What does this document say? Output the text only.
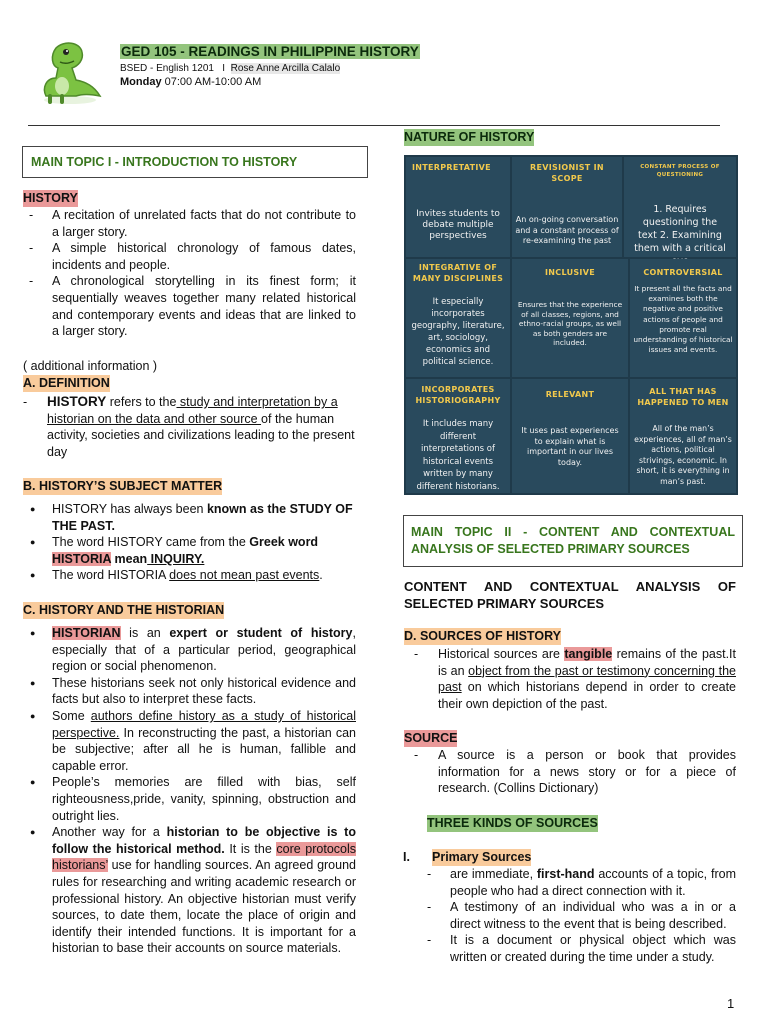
GED 105 - READINGS IN PHILIPPINE HISTORY
BSED - English 1201 I Rose Anne Arcilla Calalo
Monday 07:00 AM-10:00 AM
MAIN TOPIC I - INTRODUCTION TO HISTORY
HISTORY
- A recitation of unrelated facts that do not contribute to a larger story.
- A simple historical chronology of famous dates, incidents and people.
- A chronological storytelling in its finest form; it sequentially weaves together many related historical and contemporary events and ideas that are linked to a larger story.
( additional information )
A. DEFINITION
- HISTORY refers to the study and interpretation by a historian on the data and other source of the human activity, societies and civilizations leading to the present day
B. HISTORY’S SUBJECT MATTER
● HISTORY has always been known as the STUDY OF THE PAST.
● The word HISTORY came from the Greek word HISTORIA mean INQUIRY.
● The word HISTORIA does not mean past events.
C. HISTORY AND THE HISTORIAN
● HISTORIAN is an expert or student of history, especially that of a particular period, geographical region or social phenomenon.
● These historians seek not only historical evidence and facts but also to interpret these facts.
● Some authors define history as a study of historical perspective. In reconstructing the past, a historian can be subjective; after all he is human, fallible and capable error.
● People’s memories are filled with bias, self righteousness,pride, vanity, spinning, obstruction and outright lies.
● Another way for a historian to be objective is to follow the historical method. It is the core protocols historians’ use for handling sources. An agreed ground rules for researching and writing academic research or professional history. An objective historian must verify sources, to date them, locate the place of origin and identify their intended functions. It is important for a historian to base their accounts on source materials.
NATURE OF HISTORY
INTERPRETATIVE
Invites students to debate multiple perspectives
REVISIONIST IN SCOPE
An on-going conversation and a constant process of re-examining the past
CONSTANT PROCESS OF QUESTIONING
1. Requires questioning the text 2. Examining them with a critical
INTEGRATIVE OF MANY DISCIPLINES
It especially incorporates geography, literature, art, sociology, economics and political science.
INCLUSIVE
Ensures that the experience of all classes, regions, and ethno-racial groups, as well as both genders are included.
CONTROVERSIAL
It present all the facts and examines both the negative and positive actions of people and promote real understanding of historical issues and events.
INCORPORATES HISTORIOGRAPHY
It includes many different interpretations of historical events written by many different historians.
RELEVANT
It uses past experiences to explain what is important in our lives today.
ALL THAT HAS HAPPENED TO MEN
All of the man’s experiences, all of man’s actions, political strivings, economic. In short, it is everything in man’s past.
MAIN TOPIC II - CONTENT AND CONTEXTUAL ANALYSIS OF SELECTED PRIMARY SOURCES
CONTENT AND CONTEXTUAL ANALYSIS OF SELECTED PRIMARY SOURCES
D. SOURCES OF HISTORY
- Historical sources are tangible remains of the past.It is an object from the past or testimony concerning the past on which historians depend in order to create their own depiction of the past.
SOURCE
- A source is a person or book that provides information for a news story or for a piece of research. (Collins Dictionary)
THREE KINDS OF SOURCES
I. Primary Sources
- are immediate, first-hand accounts of a topic, from people who had a direct connection with it.
- A testimony of an individual who was a in or a direct witness to the event that is being described.
- It is a document or physical object which was written or created during the time under a study.
1
